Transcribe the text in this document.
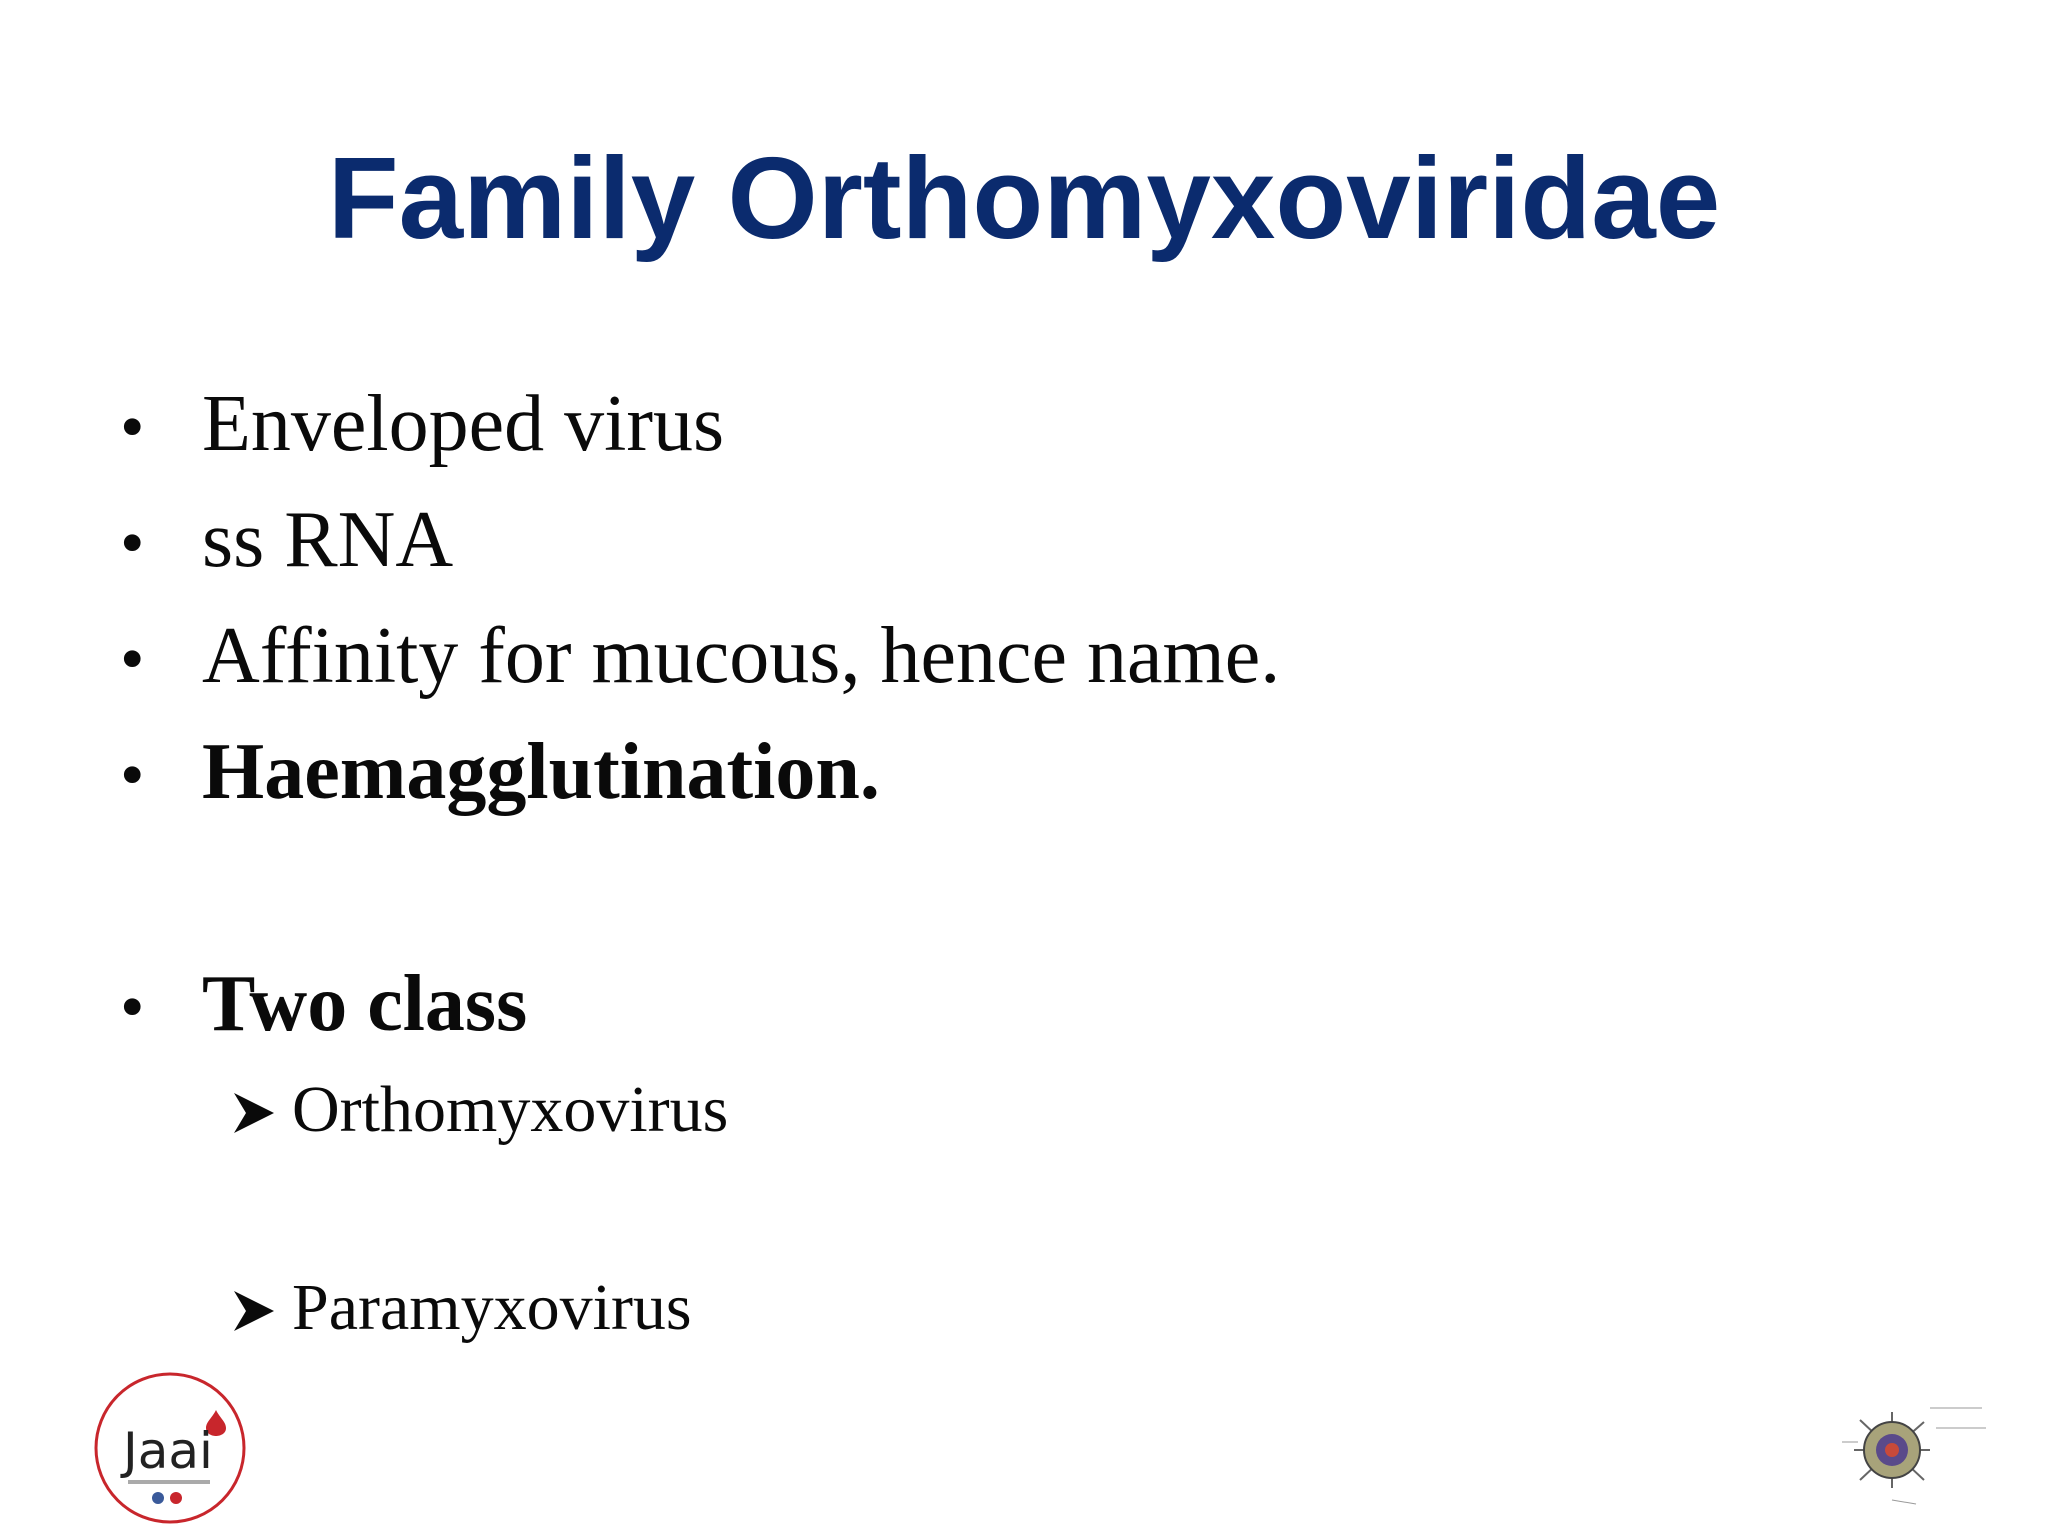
Family Orthomyxoviridae
• Enveloped virus
• ss RNA
• Affinity for mucous, hence name.
• Haemagglutination.
• Two class
Orthomyxovirus
Paramyxovirus
Jaai
